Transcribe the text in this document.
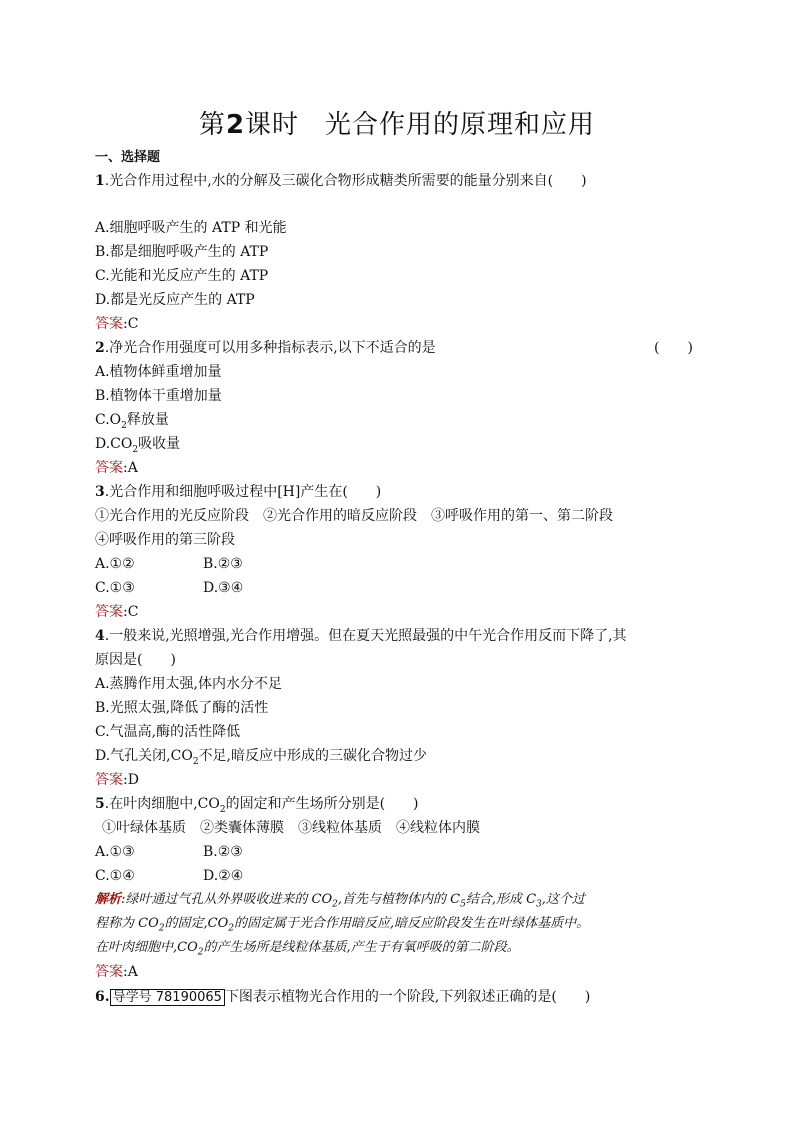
第2课时 光合作用的原理和应用
一、选择题
1.光合作用过程中,水的分解及三碳化合物形成糖类所需要的能量分别来自(　　)
A.细胞呼吸产生的 ATP 和光能
B.都是细胞呼吸产生的 ATP
C.光能和光反应产生的 ATP
D.都是光反应产生的 ATP
答案:C
2.净光合作用强度可以用多种指标表示,以下不适合的是	(　　)
A.植物体鲜重增加量
B.植物体干重增加量
$C.O_2$释放量
$D.CO_2$吸收量
答案:A
3.光合作用和细胞呼吸过程中[H]产生在(　　)
①光合作用的光反应阶段　②光合作用的暗反应阶段　③呼吸作用的第一、第二阶段
④呼吸作用的第三阶段
A.①②	B.②③
C.①③	D.③④
答案:C
4.一般来说,光照增强,光合作用增强。但在夏天光照最强的中午光合作用反而下降了,其
原因是(　　)
A.蒸腾作用太强,体内水分不足
B.光照太强,降低了酶的活性
C.气温高,酶的活性降低
D.气孔关闭$,CO_2$不足,暗反应中形成的三碳化合物过少
答案:D
5.在叶肉细胞中$,CO_2$的固定和产生场所分别是(　　)
①叶绿体基质　②类囊体薄膜　③线粒体基质　④线粒体内膜
A.①③	B.②③
C.①④	D.②④
解析:绿叶通过气孔从外界吸收进来的 $CO_2$,首先与植物体内的 $C_5$结合,形成 $C_3$,这个过
程称为 $CO_2$的固定$,CO_2$的固定属于光合作用暗反应,暗反应阶段发生在叶绿体基质中。
在叶肉细胞中$,CO_2$的产生场所是线粒体基质,产生于有氧呼吸的第二阶段。
答案:A
6. 导学号 78190065 下图表示植物光合作用的一个阶段,下列叙述正确的是(　　)
